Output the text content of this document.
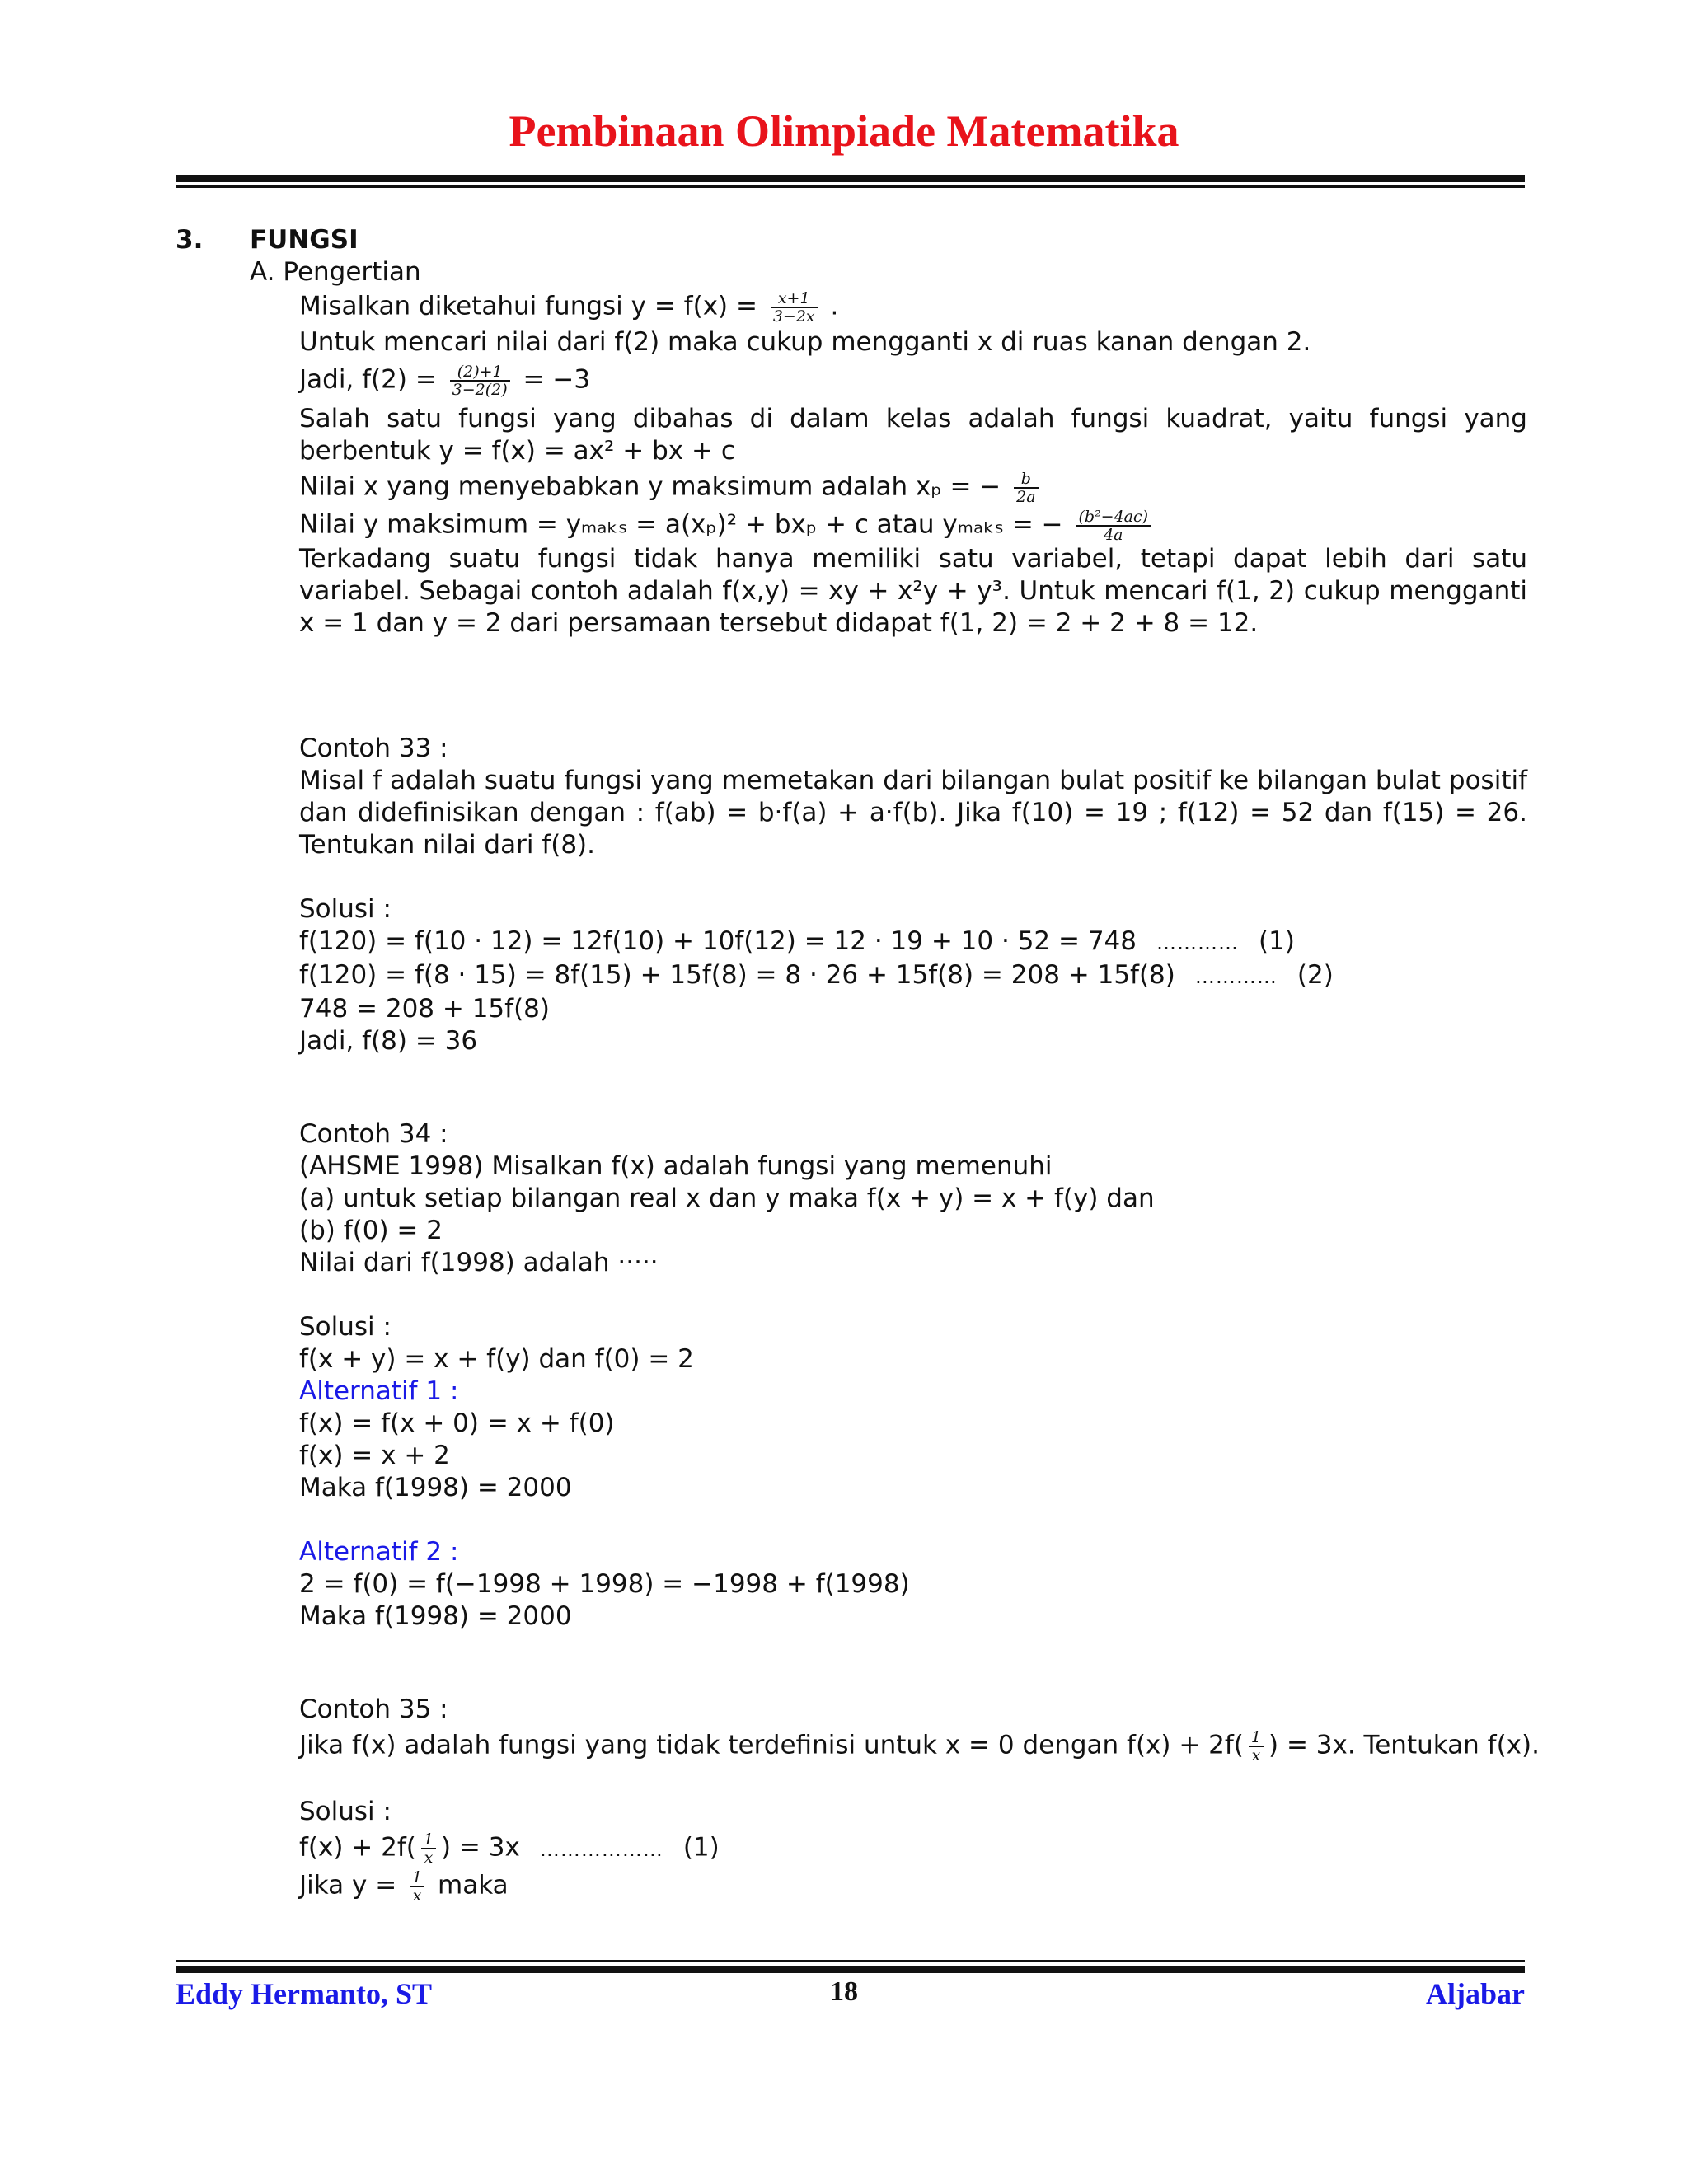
Pembinaan Olimpiade Matematika
3. FUNGSI
A. Pengertian
Misalkan diketahui fungsi $y = f(x) = \frac{x+1}{3-2x}$ .
Untuk mencari nilai dari f(2) maka cukup mengganti x di ruas kanan dengan 2.
Jadi, $f(2) = \frac{(2)+1}{3-2(2)} = -3$
Salah satu fungsi yang dibahas di dalam kelas adalah fungsi kuadrat, yaitu fungsi yang berbentuk y = f(x) = ax² + bx + c
Nilai x yang menyebabkan y maksimum adalah xₚ = − $\frac{b}{2a}$
Nilai y maksimum = yₘₐₖₛ = a(xₚ)² + bxₚ + c atau yₘₐₖₛ = − $\frac{\text{(b²−4ac)}}{4a}$
Terkadang suatu fungsi tidak hanya memiliki satu variabel, tetapi dapat lebih dari satu variabel. Sebagai contoh adalah f(x,y) = xy + x²y + y³. Untuk mencari f(1, 2) cukup mengganti x = 1 dan y = 2 dari persamaan tersebut didapat f(1, 2) = 2 + 2 + 8 = 12.
Contoh 33 :
Misal f adalah suatu fungsi yang memetakan dari bilangan bulat positif ke bilangan bulat positif dan didefinisikan dengan : f(ab) = b·f(a) + a·f(b). Jika f(10) = 19 ; f(12) = 52 dan f(15) = 26. Tentukan nilai dari f(8).
Solusi :
f(120) = f(10 · 12) = 12f(10) + 10f(12) = 12 · 19 + 10 · 52 = 748 ………… (1)
f(120) = f(8 · 15) = 8f(15) + 15f(8) = 8 · 26 + 15f(8) = 208 + 15f(8) ………… (2)
748 = 208 + 15f(8)
Jadi, f(8) = 36
Contoh 34 :
(AHSME 1998) Misalkan f(x) adalah fungsi yang memenuhi
(a) untuk setiap bilangan real x dan y maka f(x + y) = x + f(y) dan
(b) f(0) = 2
Nilai dari f(1998) adalah ·····
Solusi :
f(x + y) = x + f(y) dan f(0) = 2
Alternatif 1 :
f(x) = f(x + 0) = x + f(0)
f(x) = x + 2
Maka f(1998) = 2000
Alternatif 2 :
2 = f(0) = f(−1998 + 1998) = −1998 + f(1998)
Maka f(1998) = 2000
Contoh 35 :
Jika f(x) adalah fungsi yang tidak terdefinisi untuk x = 0 dengan $f(x) + 2f( \frac{1}{x}$ ) = 3x. Tentukan f(x).
Solusi :
$f(x) + 2f( \frac{1}{x}$ ) = 3x ……………… (1)
Jika $y = \frac{1}{x}$ maka
Eddy Hermanto, ST	18	Aljabar
